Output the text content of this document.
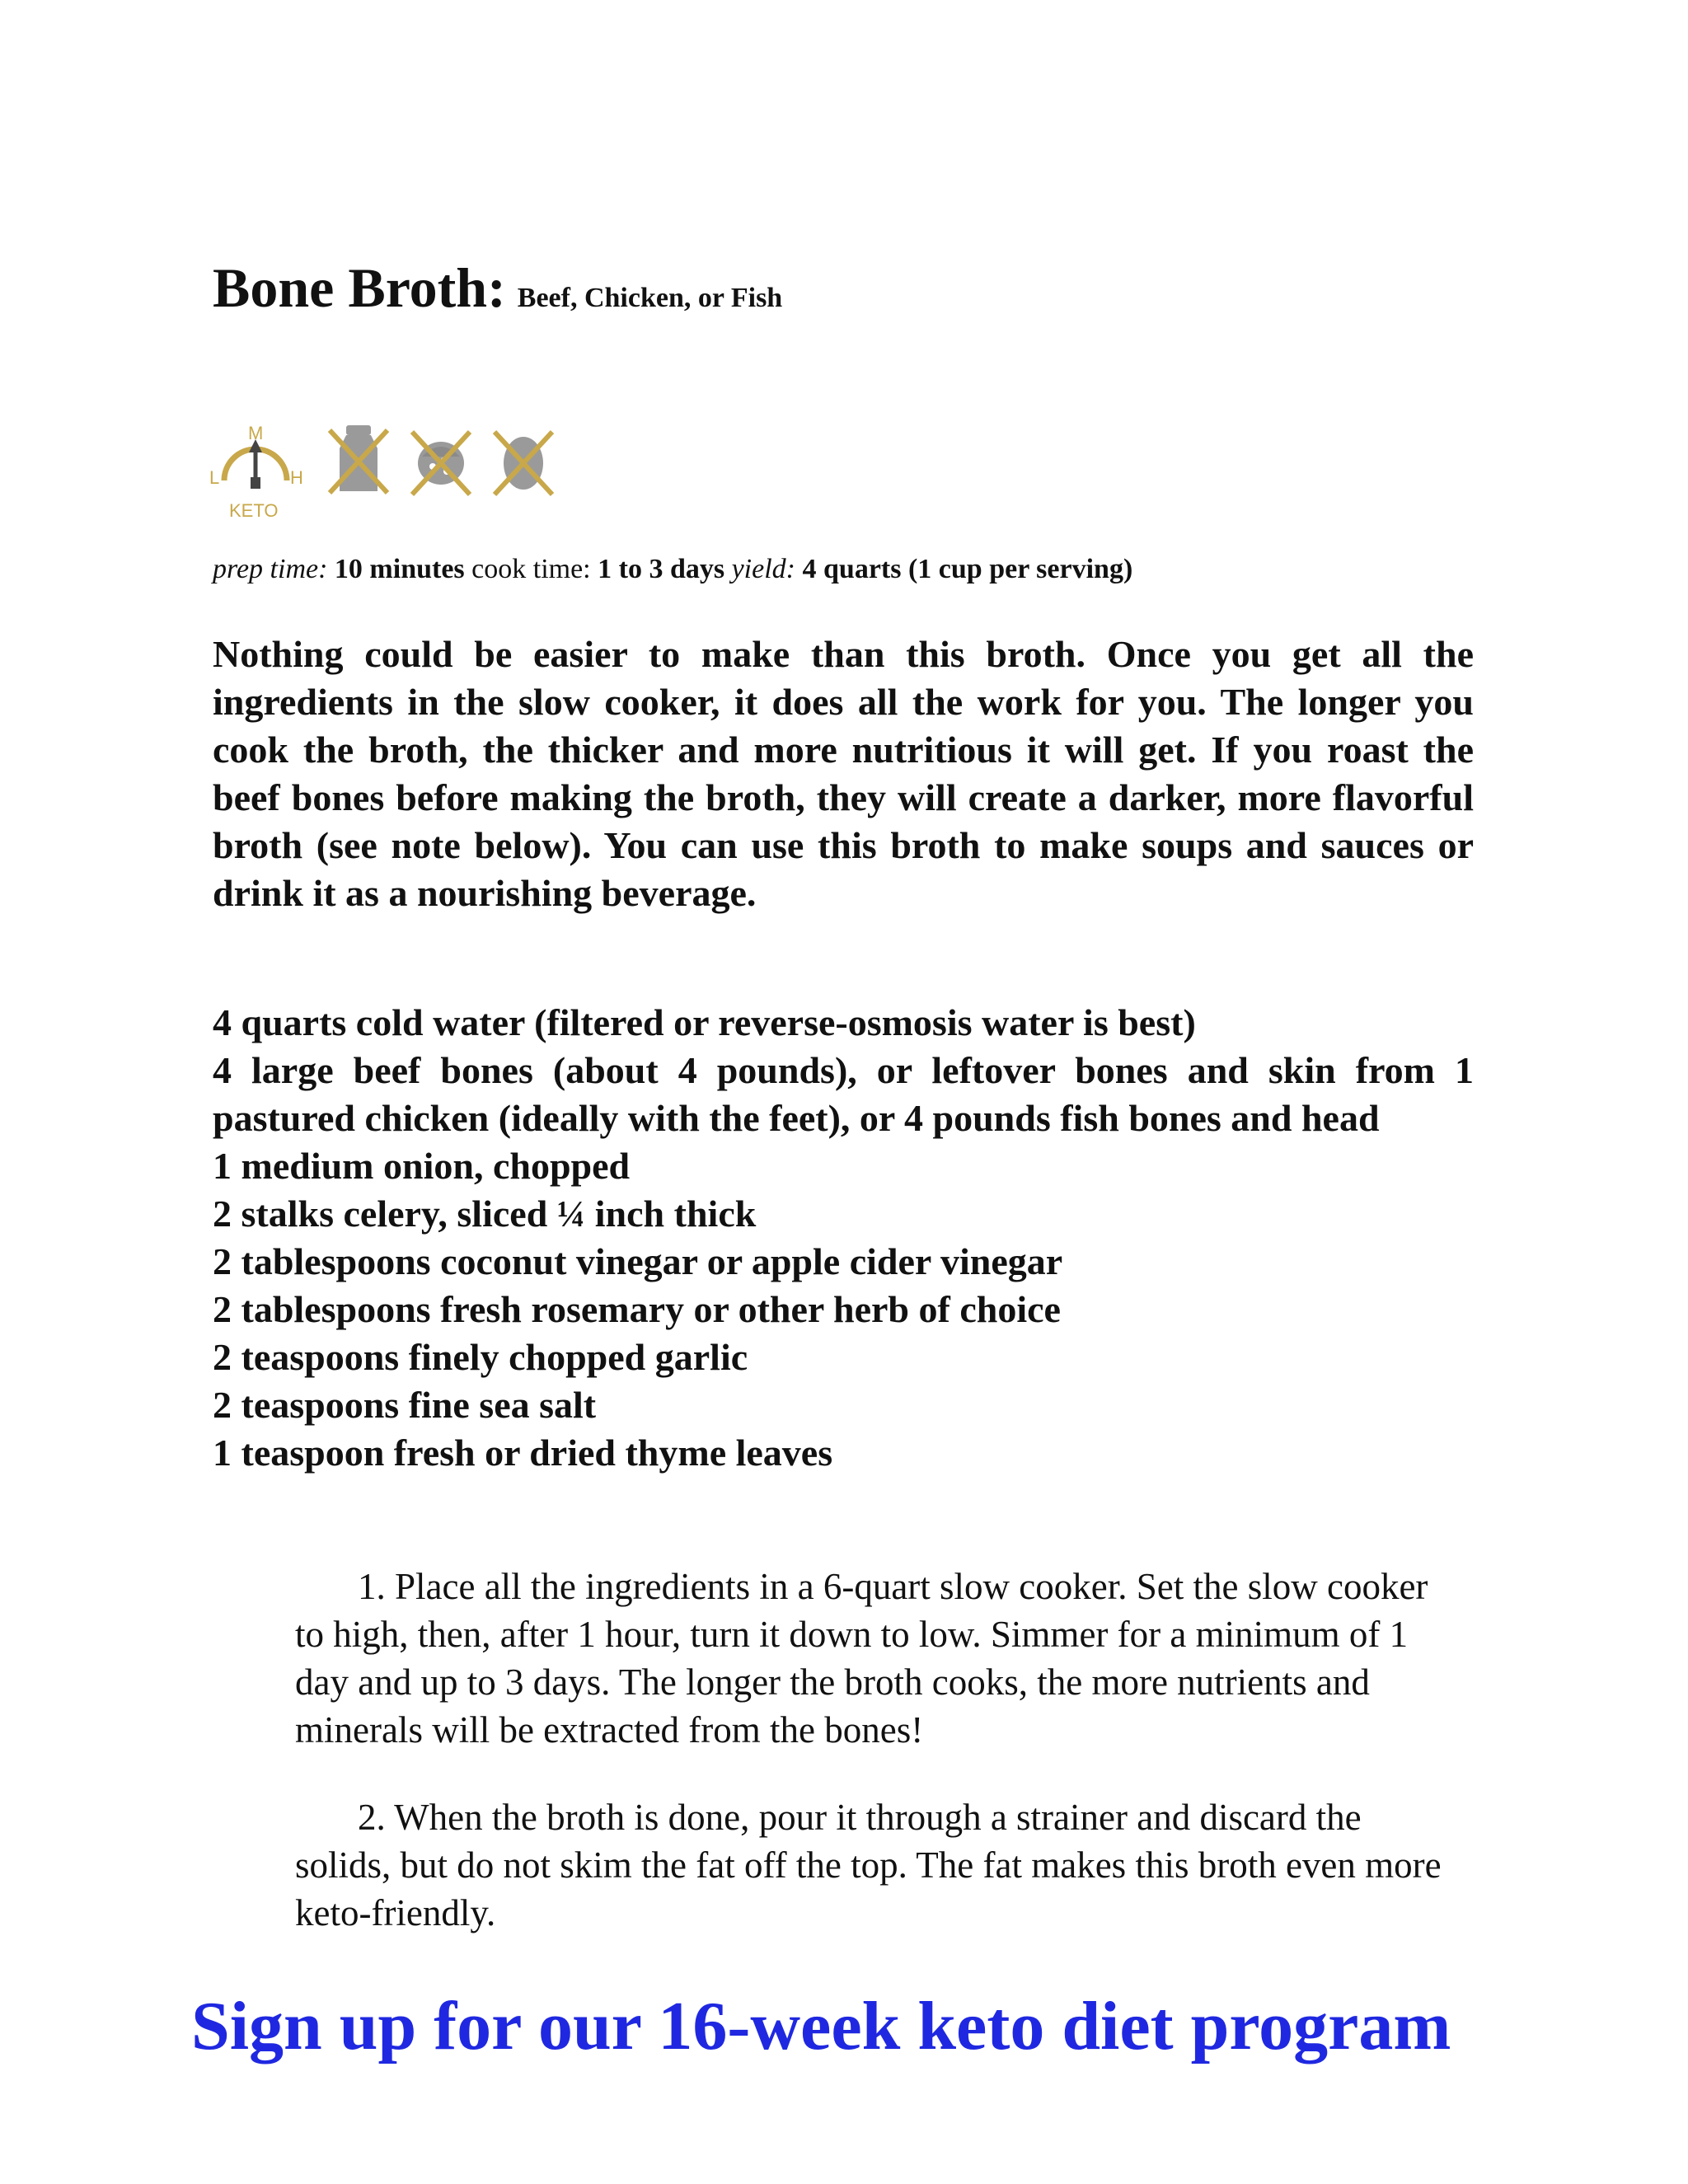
Bone Broth: Beef, Chicken, or Fish
L
M
H
KETO
prep time: 10 minutes cook time: 1 to 3 days yield: 4 quarts (1 cup per serving)

Nothing could be easier to make than this broth. Once you get all the ingredients in the slow cooker, it does all the work for you. The longer you cook the broth, the thicker and more nutritious it will get. If you roast the beef bones before making the broth, they will create a darker, more flavorful broth (see note below). You can use this broth to make soups and sauces or drink it as a nourishing beverage.

4 quarts cold water (filtered or reverse-osmosis water is best)
4 large beef bones (about 4 pounds), or leftover bones and skin from 1 pastured chicken (ideally with the feet), or 4 pounds fish bones and head
1 medium onion, chopped
2 stalks celery, sliced ¼ inch thick
2 tablespoons coconut vinegar or apple cider vinegar
2 tablespoons fresh rosemary or other herb of choice
2 teaspoons finely chopped garlic
2 teaspoons fine sea salt
1 teaspoon fresh or dried thyme leaves
1. Place all the ingredients in a 6-quart slow cooker. Set the slow cooker to high, then, after 1 hour, turn it down to low. Simmer for a minimum of 1 day and up to 3 days. The longer the broth cooks, the more nutrients and minerals will be extracted from the bones!
2. When the broth is done, pour it through a strainer and discard the solids, but do not skim the fat off the top. The fat makes this broth even more keto-friendly.
Sign up for our 16-week keto diet program
